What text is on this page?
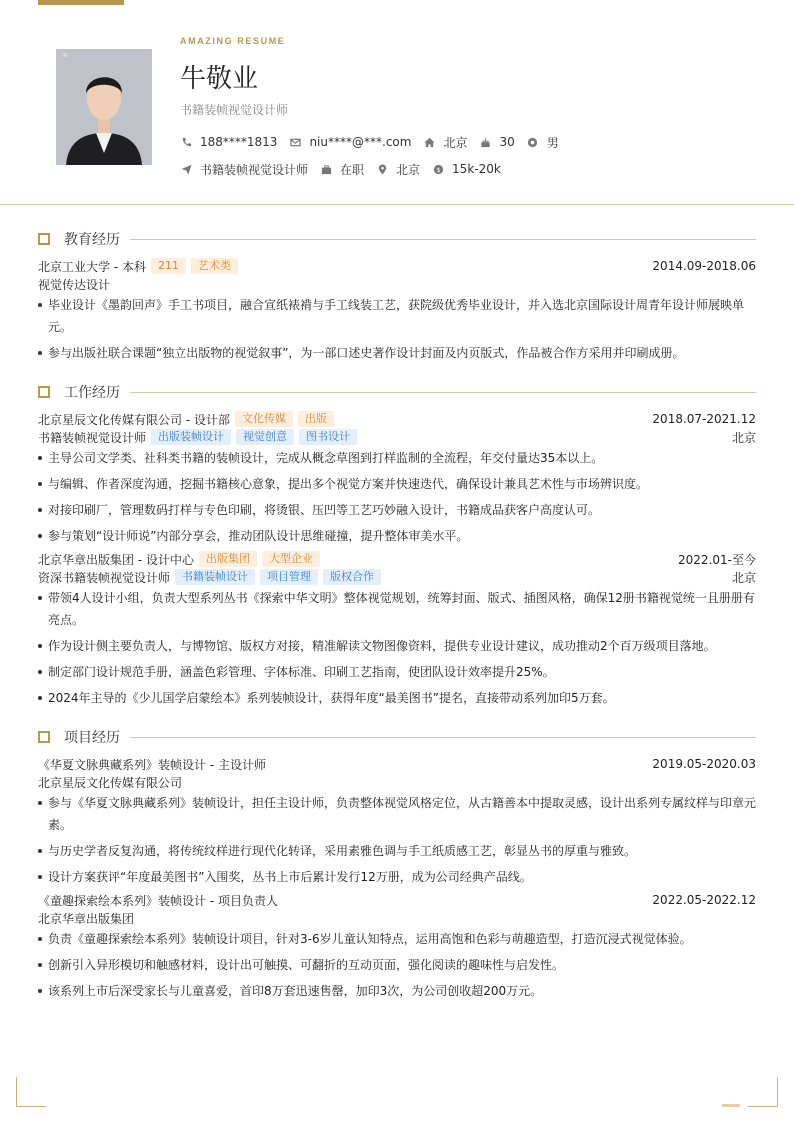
AMAZING RESUME
牛敬业
书籍装帧视觉设计师
188****1813	niu****@***.com	北京	30	男
书籍装帧视觉设计师	在职	北京 $ 15k-20k
教育经历
北京工业大学 - 本科	211	艺术类	2014.09-2018.06
视觉传达设计
毕业设计《墨韵回声》手工书项目，融合宣纸裱褙与手工线装工艺，获院级优秀毕业设计，并入选北京国际设计周青年设计师展映单元。
参与出版社联合课题“独立出版物的视觉叙事”，为一部口述史著作设计封面及内页版式，作品被合作方采用并印刷成册。
工作经历
北京星辰文化传媒有限公司 - 设计部	文化传媒	出版	2018.07-2021.12
书籍装帧视觉设计师	出版装帧设计	视觉创意	图书设计	北京
主导公司文学类、社科类书籍的装帧设计，完成从概念草图到打样监制的全流程，年交付量达35本以上。
与编辑、作者深度沟通，挖掘书籍核心意象，提出多个视觉方案并快速迭代，确保设计兼具艺术性与市场辨识度。
对接印刷厂，管理数码打样与专色印刷，将烫银、压凹等工艺巧妙融入设计，书籍成品获客户高度认可。
参与策划“设计师说”内部分享会，推动团队设计思维碰撞，提升整体审美水平。
北京华章出版集团 - 设计中心	出版集团	大型企业	2022.01-至今
资深书籍装帧视觉设计师	书籍装帧设计	项目管理	版权合作	北京
带领4人设计小组，负责大型系列丛书《探索中华文明》整体视觉规划，统筹封面、版式、插图风格，确保12册书籍视觉统一且册册有亮点。
作为设计侧主要负责人，与博物馆、版权方对接，精准解读文物图像资料，提供专业设计建议，成功推动2个百万级项目落地。
制定部门设计规范手册，涵盖色彩管理、字体标准、印刷工艺指南，使团队设计效率提升25%。
2024年主导的《少儿国学启蒙绘本》系列装帧设计，获得年度“最美图书”提名，直接带动系列加印5万套。
项目经历
《华夏文脉典藏系列》装帧设计 - 主设计师	2019.05-2020.03
北京星辰文化传媒有限公司
参与《华夏文脉典藏系列》装帧设计，担任主设计师，负责整体视觉风格定位，从古籍善本中提取灵感，设计出系列专属纹样与印章元素。
与历史学者反复沟通，将传统纹样进行现代化转译，采用素雅色调与手工纸质感工艺，彰显丛书的厚重与雅致。
设计方案获评“年度最美图书”入围奖，丛书上市后累计发行12万册，成为公司经典产品线。
《童趣探索绘本系列》装帧设计 - 项目负责人	2022.05-2022.12
北京华章出版集团
负责《童趣探索绘本系列》装帧设计项目，针对3-6岁儿童认知特点，运用高饱和色彩与萌趣造型，打造沉浸式视觉体验。
创新引入异形模切和触感材料，设计出可触摸、可翻折的互动页面，强化阅读的趣味性与启发性。
该系列上市后深受家长与儿童喜爱，首印8万套迅速售罄，加印3次，为公司创收超200万元。
